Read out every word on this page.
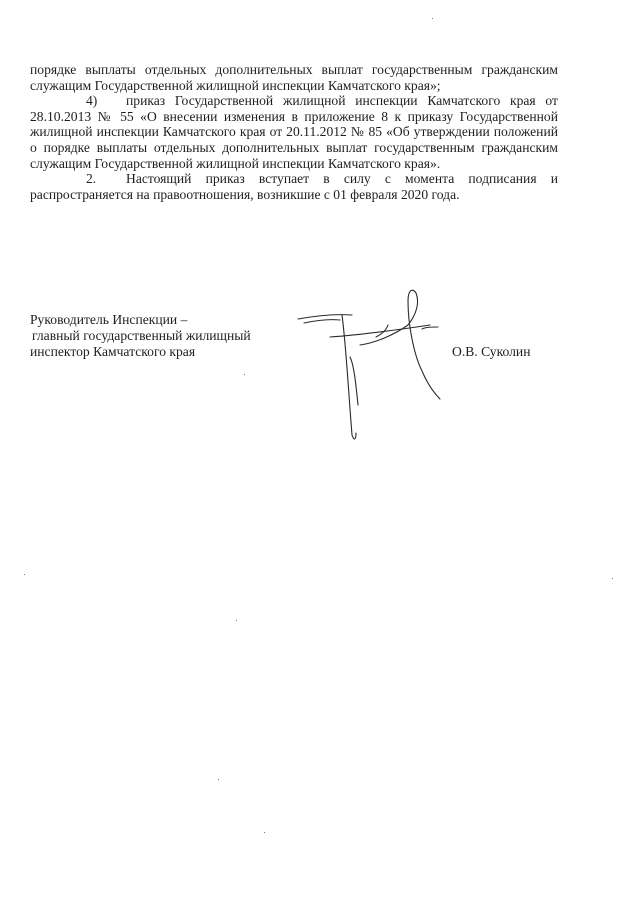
порядке выплаты отдельных дополнительных выплат государственным гражданским служащим Государственной жилищной инспекции Камчатского края»;

4) приказ Государственной жилищной инспекции Камчатского края от 28.10.2013 № 55 «О внесении изменения в приложение 8 к приказу Государственной жилищной инспекции Камчатского края от 20.11.2012 № 85 «Об утверждении положений о порядке выплаты отдельных дополнительных выплат государственным гражданским служащим Государственной жилищной инспекции Камчатского края».

2. Настоящий приказ вступает в силу с момента подписания и распространяется на правоотношения, возникшие с 01 февраля 2020 года.

Руководитель Инспекции –
главный государственный жилищный
инспектор Камчатского края	О.В. Суколин
